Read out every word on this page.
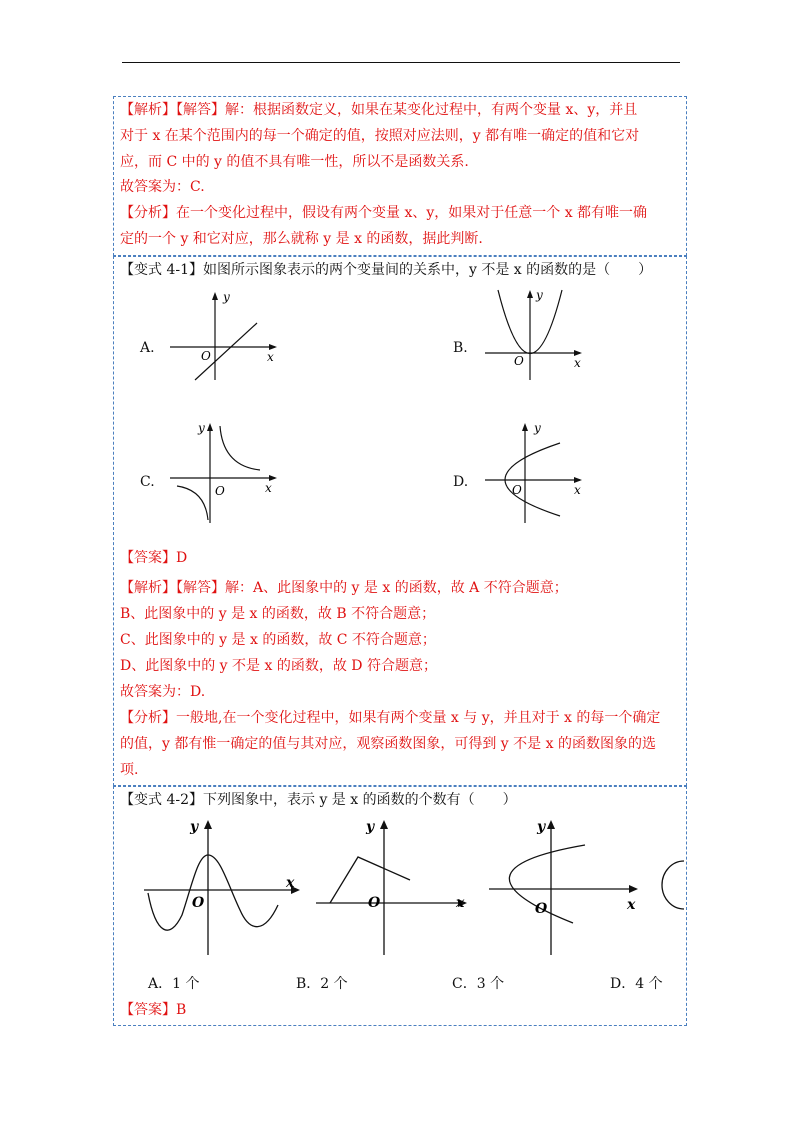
【解析】【解答】解：根据函数定义，如果在某变化过程中，有两个变量 x、y，并且
对于 x 在某个范围内的每一个确定的值，按照对应法则，y 都有唯一确定的值和它对
应，而 C 中的 y 的值不具有唯一性，所以不是函数关系.
故答案为：C.
【分析】在一个变化过程中，假设有两个变量 x、y，如果对于任意一个 x 都有唯一确
定的一个 y 和它对应，那么就称 y 是 x 的函数，据此判断.
【变式 4-1】如图所示图象表示的两个变量间的关系中，y 不是 x 的函数的是（　　）
A.	B.
C.	D.
y
x
O
y
x
O
y
x
O
y
x
O
【答案】D
【解析】【解答】解：A、此图象中的 y 是 x 的函数，故 A 不符合题意；
B、此图象中的 y 是 x 的函数，故 B 不符合题意；
C、此图象中的 y 是 x 的函数，故 C 不符合题意；
D、此图象中的 y 不是 x 的函数，故 D 符合题意；
故答案为：D.
【分析】一般地,在一个变化过程中，如果有两个变量 x 与 y，并且对于 x 的每一个确定
的值，y 都有惟一确定的值与其对应，观察函数图象，可得到 y 不是 x 的函数图象的选
项.
【变式 4-2】下列图象中，表示 y 是 x 的函数的个数有（　　）
y
x
O
y
x
O
y
x
O
A．1 个	B．2 个	C．3 个	D．4 个
【答案】B
